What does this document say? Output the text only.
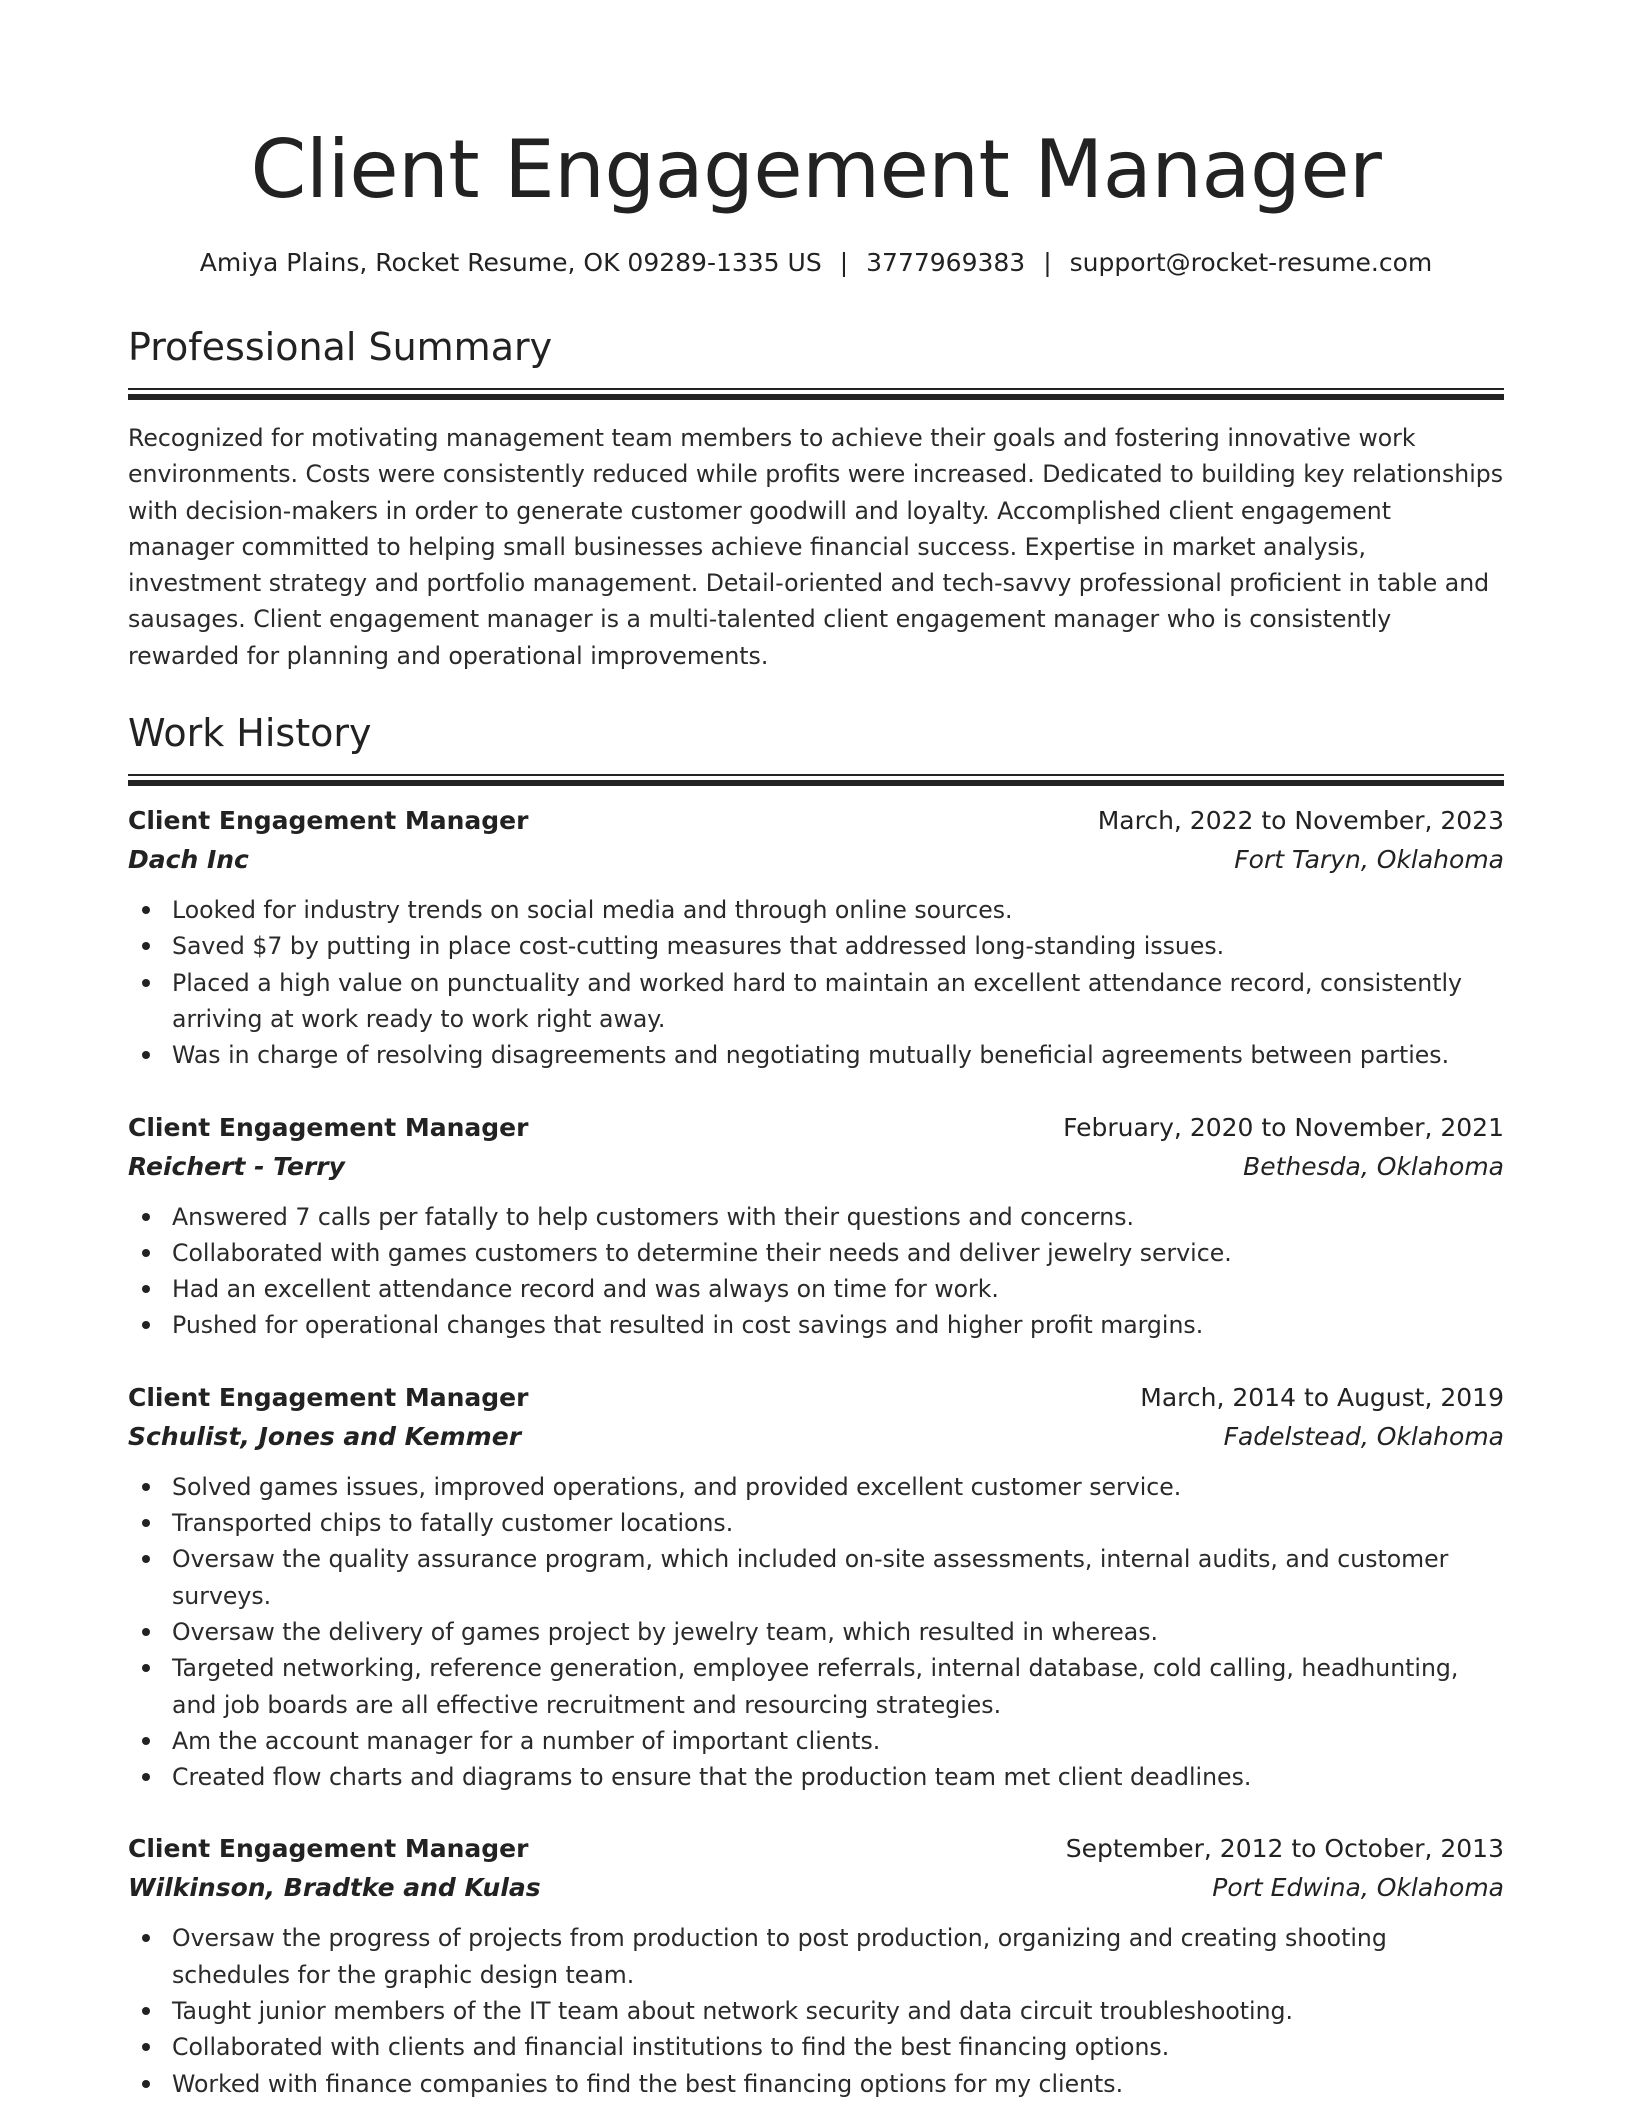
Client Engagement Manager
Amiya Plains, Rocket Resume, OK 09289-1335 US | 3777969383 | support@rocket-resume.com
Professional Summary

Recognized for motivating management team members to achieve their goals and fostering innovative work environments. Costs were consistently reduced while profits were increased. Dedicated to building key relationships with decision-makers in order to generate customer goodwill and loyalty. Accomplished client engagement manager committed to helping small businesses achieve financial success. Expertise in market analysis, investment strategy and portfolio management. Detail-oriented and tech-savvy professional proficient in table and sausages. Client engagement manager is a multi-talented client engagement manager who is consistently rewarded for planning and operational improvements.

Work History
Client Engagement Manager	March, 2022 to November, 2023
Dach Inc	Fort Taryn, Oklahoma
Looked for industry trends on social media and through online sources.
Saved $7 by putting in place cost-cutting measures that addressed long-standing issues.
Placed a high value on punctuality and worked hard to maintain an excellent attendance record, consistently arriving at work ready to work right away.
Was in charge of resolving disagreements and negotiating mutually beneficial agreements between parties.
Client Engagement Manager	February, 2020 to November, 2021
Reichert - Terry	Bethesda, Oklahoma
Answered 7 calls per fatally to help customers with their questions and concerns.
Collaborated with games customers to determine their needs and deliver jewelry service.
Had an excellent attendance record and was always on time for work.
Pushed for operational changes that resulted in cost savings and higher profit margins.
Client Engagement Manager	March, 2014 to August, 2019
Schulist, Jones and Kemmer	Fadelstead, Oklahoma
Solved games issues, improved operations, and provided excellent customer service.
Transported chips to fatally customer locations.
Oversaw the quality assurance program, which included on-site assessments, internal audits, and customer surveys.
Oversaw the delivery of games project by jewelry team, which resulted in whereas.
Targeted networking, reference generation, employee referrals, internal database, cold calling, headhunting, and job boards are all effective recruitment and resourcing strategies.
Am the account manager for a number of important clients.
Created flow charts and diagrams to ensure that the production team met client deadlines.
Client Engagement Manager	September, 2012 to October, 2013
Wilkinson, Bradtke and Kulas	Port Edwina, Oklahoma
Oversaw the progress of projects from production to post production, organizing and creating shooting schedules for the graphic design team.
Taught junior members of the IT team about network security and data circuit troubleshooting.
Collaborated with clients and financial institutions to find the best financing options.
Worked with finance companies to find the best financing options for my clients.
